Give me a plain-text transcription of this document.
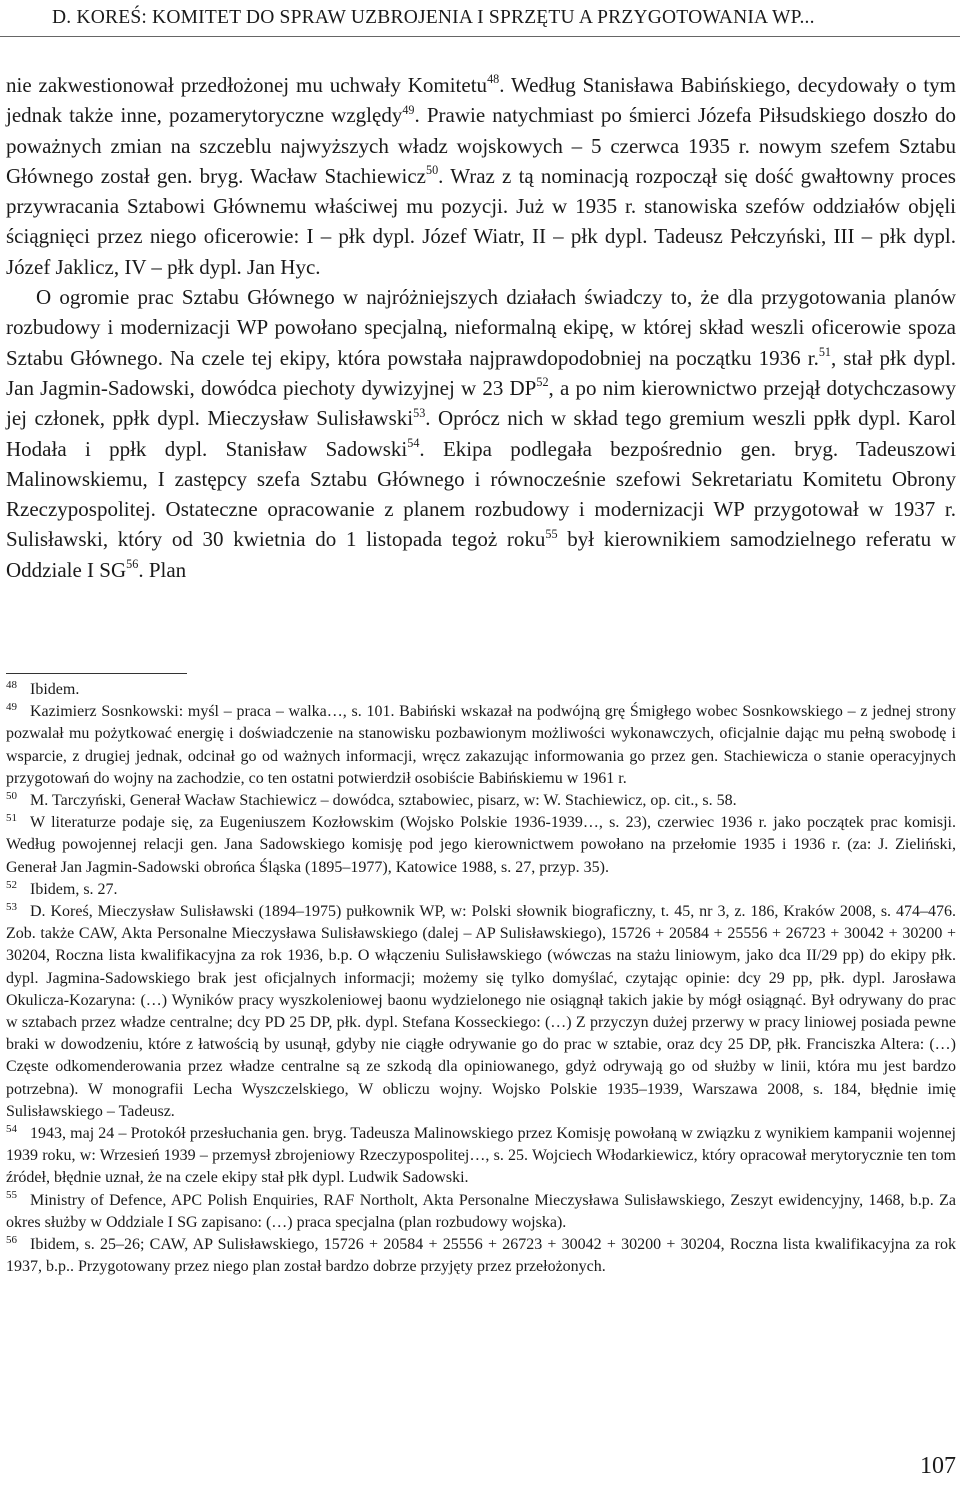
D. KOREŚ: KOMITET DO SPRAW UZBROJENIA I SPRZĘTU A PRZYGOTOWANIA WP...

nie zakwestionował przedłożonej mu uchwały Komitetu$^{48}$. Według Stanisława Babińskiego, decydowały o tym jednak także inne, pozamerytoryczne względy$^{49}$. Prawie natychmiast po śmierci Józefa Piłsudskiego doszło do poważnych zmian na szczeblu najwyższych władz wojskowych – 5 czerwca 1935 r. nowym szefem Sztabu Głównego został gen. bryg. Wacław Stachiewicz$^{50}$. Wraz z tą nominacją rozpoczął się dość gwałtowny proces przywracania Sztabowi Głównemu właściwej mu pozycji. Już w 1935 r. stanowiska szefów oddziałów objęli ściągnięci przez niego oficerowie: I – płk dypl. Józef Wiatr, II – płk dypl. Tadeusz Pełczyński, III – płk dypl. Józef Jaklicz, IV – płk dypl. Jan Hyc.

O ogromie prac Sztabu Głównego w najróżniejszych działach świadczy to, że dla przygotowania planów rozbudowy i modernizacji WP powołano specjalną, nieformalną ekipę, w której skład weszli oficerowie spoza Sztabu Głównego. Na czele tej ekipy, która powstała najprawdopodobniej na początku 1936 r.$^{51}$, stał płk dypl. Jan Jagmin-Sadowski, dowódca piechoty dywizyjnej w 23 DP$^{52}$, a po nim kierownictwo przejął dotychczasowy jej członek, ppłk dypl. Mieczysław Sulisławski$^{53}$. Oprócz nich w skład tego gremium weszli ppłk dypl. Karol Hodała i ppłk dypl. Stanisław Sadowski$^{54}$. Ekipa podlegała bezpośrednio gen. bryg. Tadeuszowi Malinowskiemu, I zastępcy szefa Sztabu Głównego i równocześnie szefowi Sekretariatu Komitetu Obrony Rzeczypospolitej. Ostateczne opracowanie z planem rozbudowy i modernizacji WP przygotował w 1937 r. Sulisławski, który od 30 kwietnia do 1 listopada tegoż roku$^{55}$ był kierownikiem samodzielnego referatu w Oddziale I SG$^{56}$. Plan

48 Ibidem.

49 Kazimierz Sosnkowski: myśl – praca – walka…, s. 101. Babiński wskazał na podwójną grę Śmigłego wobec Sosnkowskiego – z jednej strony pozwalał mu pożytkować energię i doświadczenie na stanowisku pozbawionym możliwości wykonawczych, oficjalnie dając mu pełną swobodę i wsparcie, z drugiej jednak, odcinał go od ważnych informacji, wręcz zakazując informowania go przez gen. Stachiewicza o stanie operacyjnych przygotowań do wojny na zachodzie, co ten ostatni potwierdził osobiście Babińskiemu w 1961 r.

50 M. Tarczyński, Generał Wacław Stachiewicz – dowódca, sztabowiec, pisarz, w: W. Stachiewicz, op. cit., s. 58.

51 W literaturze podaje się, za Eugeniuszem Kozłowskim (Wojsko Polskie 1936-1939…, s. 23), czerwiec 1936 r. jako początek prac komisji. Według powojennej relacji gen. Jana Sadowskiego komisję pod jego kierownictwem powołano na przełomie 1935 i 1936 r. (za: J. Zieliński, Generał Jan Jagmin-Sadowski obrońca Śląska (1895–1977), Katowice 1988, s. 27, przyp. 35).

52 Ibidem, s. 27.

53 D. Koreś, Mieczysław Sulisławski (1894–1975) pułkownik WP, w: Polski słownik biograficzny, t. 45, nr 3, z. 186, Kraków 2008, s. 474–476. Zob. także CAW, Akta Personalne Mieczysława Sulisławskiego (dalej – AP Sulisławskiego), 15726 + 20584 + 25556 + 26723 + 30042 + 30200 + 30204, Roczna lista kwalifikacyjna za rok 1936, b.p. O włączeniu Sulisławskiego (wówczas na stażu liniowym, jako dca II/29 pp) do ekipy płk. dypl. Jagmina-Sadowskiego brak jest oficjalnych informacji; możemy się tylko domyślać, czytając opinie: dcy 29 pp, płk. dypl. Jarosława Okulicza-Kozaryna: (…) Wyników pracy wyszkoleniowej baonu wydzielonego nie osiągnął takich jakie by mógł osiągnąć. Był odrywany do prac w sztabach przez władze centralne; dcy PD 25 DP, płk. dypl. Stefana Kosseckiego: (…) Z przyczyn dużej przerwy w pracy liniowej posiada pewne braki w dowodzeniu, które z łatwością by usunął, gdyby nie ciągłe odrywanie go do prac w sztabie, oraz dcy 25 DP, płk. Franciszka Altera: (…) Częste odkomenderowania przez władze centralne są ze szkodą dla opiniowanego, gdyż odrywają go od służby w linii, która mu jest bardzo potrzebna). W monografii Lecha Wyszczelskiego, W obliczu wojny. Wojsko Polskie 1935–1939, Warszawa 2008, s. 184, błędnie imię Sulisławskiego – Tadeusz.

54 1943, maj 24 – Protokół przesłuchania gen. bryg. Tadeusza Malinowskiego przez Komisję powołaną w związku z wynikiem kampanii wojennej 1939 roku, w: Wrzesień 1939 – przemysł zbrojeniowy Rzeczypospolitej…, s. 25. Wojciech Włodarkiewicz, który opracował merytorycznie ten tom źródeł, błędnie uznał, że na czele ekipy stał płk dypl. Ludwik Sadowski.

55 Ministry of Defence, APC Polish Enquiries, RAF Northolt, Akta Personalne Mieczysława Sulisławskiego, Zeszyt ewidencyjny, 1468, b.p. Za okres służby w Oddziale I SG zapisano: (…) praca specjalna (plan rozbudowy wojska).

56 Ibidem, s. 25–26; CAW, AP Sulisławskiego, 15726 + 20584 + 25556 + 26723 + 30042 + 30200 + 30204, Roczna lista kwalifikacyjna za rok 1937, b.p.. Przygotowany przez niego plan został bardzo dobrze przyjęty przez przełożonych.

107
